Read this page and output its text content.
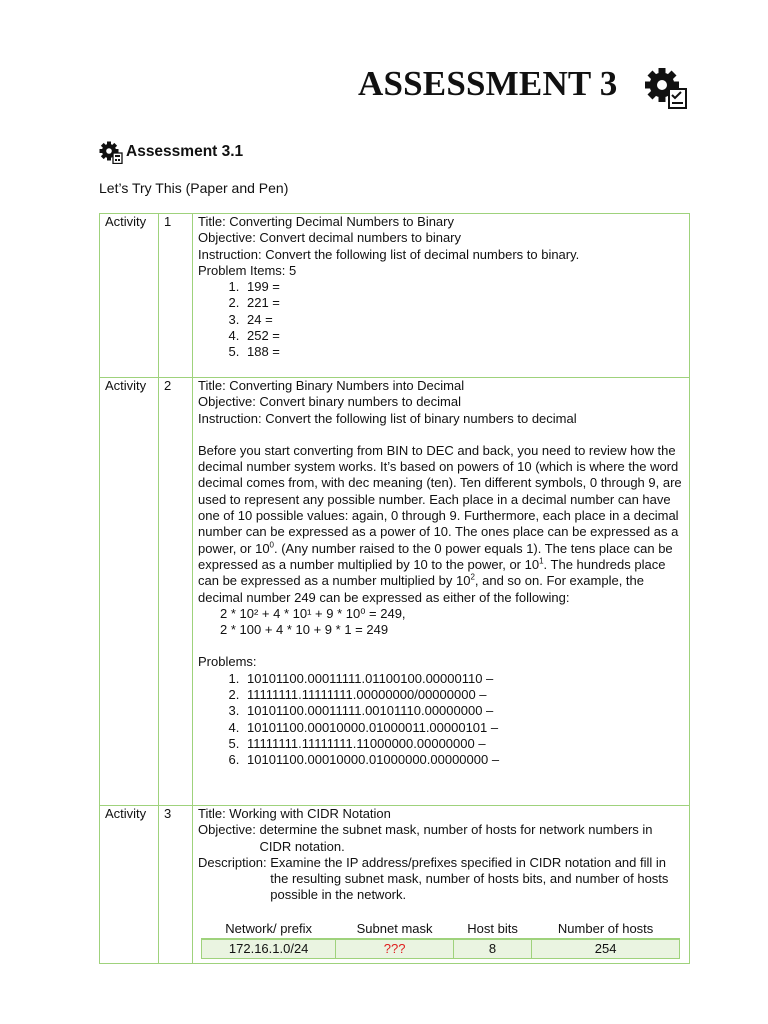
ASSESSMENT 3
Assessment 3.1
Let’s Try This (Paper and Pen)
Activity	1	Title: Converting Decimal Numbers to Binary
Objective: Convert decimal numbers to binary
Instruction: Convert the following list of decimal numbers to binary.
Problem Items: 5
1. 199 =
2. 221 =
3. 24 =
4. 252 =
5. 188 =

Activity	2	Title: Converting Binary Numbers into Decimal
Objective: Convert binary numbers to decimal
Instruction: Convert the following list of binary numbers to decimal
Before you start converting from BIN to DEC and back, you need to review how the decimal number system works. It’s based on powers of 10 (which is where the word decimal comes from, with dec meaning (ten). Ten different symbols, 0 through 9, are used to represent any possible number. Each place in a decimal number can have one of 10 possible values: again, 0 through 9. Furthermore, each place in a decimal number can be expressed as a power of 10. The ones place can be expressed as a power, or $10^0$. (Any number raised to the 0 power equals 1). The tens place can be expressed as a number multiplied by 10 to the power, or $10^1$. The hundreds place can be expressed as a number multiplied by $10^2$, and so on. For example, the decimal number 249 can be expressed as either of the following:
2 * 10² + 4 * 10¹ + 9 * 10⁰ = 249,
2 * 100 + 4 * 10 + 9 * 1 = 249
Problems:
1. 10101100.00011111.01100100.00000110 –
2. 11111111.11111111.00000000/00000000 –
3. 10101100.00011111.00101110.00000000 –
4. 10101100.00010000.01000011.00000101 –
5. 11111111.11111111.11000000.00000000 –
6. 10101100.00010000.01000000.00000000 –

Activity	3	Title: Working with CIDR Notation
Objective:
determine the subnet mask, number of hosts for network numbers in CIDR notation.
Description:
Examine the IP address/prefixes specified in CIDR notation and fill in the resulting subnet mask, number of hosts bits, and number of hosts possible in the network.
Network/ prefix	Subnet mask	Host bits	Number of hosts
172.16.1.0/24	???	8	254
